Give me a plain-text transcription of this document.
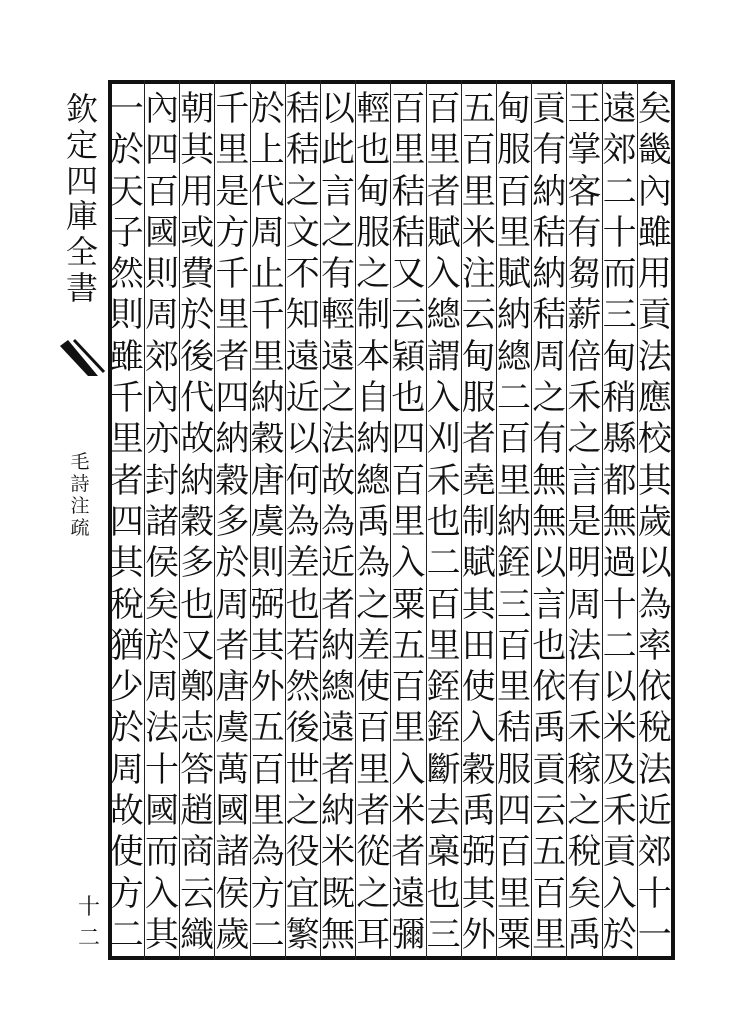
欽
定
四
庫
全
書
毛
詩
注
疏
十二
矣
畿
內
雖
用
貢
法
應
校
其
歲
以
為
率
依
稅
法
近
郊
十
一
遠
郊
二
十
而
三
甸
稍
縣
都
無
過
十
二
以
米
及
禾
貢
入
於
王
掌
客
有
芻
薪
倍
禾
之
言
是
明
周
法
有
禾
稼
之
稅
矣
禹
貢
有
納
秸
納
秸
周
之
有
無
無
以
言
也
依
禹
貢
云
五
百
里
甸
服
百
里
賦
納
總
二
百
里
納
銍
三
百
里
秸
服
四
百
里
粟
五
百
里
米
注
云
甸
服
者
堯
制
賦
其
田
使
入
穀
禹
弼
其
外
百
里
者
賦
入
總
謂
入
刈
禾
也
二
百
里
銍
銍
斷
去
槀
也
三
百
里
秸
秸
又
云
穎
也
四
百
里
入
粟
五
百
里
入
米
者
遠
彌
輕
也
甸
服
之
制
本
自
納
總
禹
為
之
差
使
百
里
者
從
之
耳
以
此
言
之
有
輕
遠
之
法
故
為
近
者
納
總
遠
者
納
米
既
無
秸
秸
之
文
不
知
遠
近
以
何
為
差
也
若
然
後
世
之
役
宜
繁
於
上
代
周
止
千
里
納
穀
唐
虞
則
弼
其
外
五
百
里
為
方
二
千
里
是
方
千
里
者
四
納
穀
多
於
周
者
唐
虞
萬
國
諸
侯
歲
朝
其
用
或
費
於
後
代
故
納
穀
多
也
又
鄭
志
答
趙
商
云
織
內
四
百
國
則
周
郊
內
亦
封
諸
侯
矣
於
周
法
十
國
而
入
其
一
於
天
子
然
則
雖
千
里
者
四
其
稅
猶
少
於
周
故
使
方
二
